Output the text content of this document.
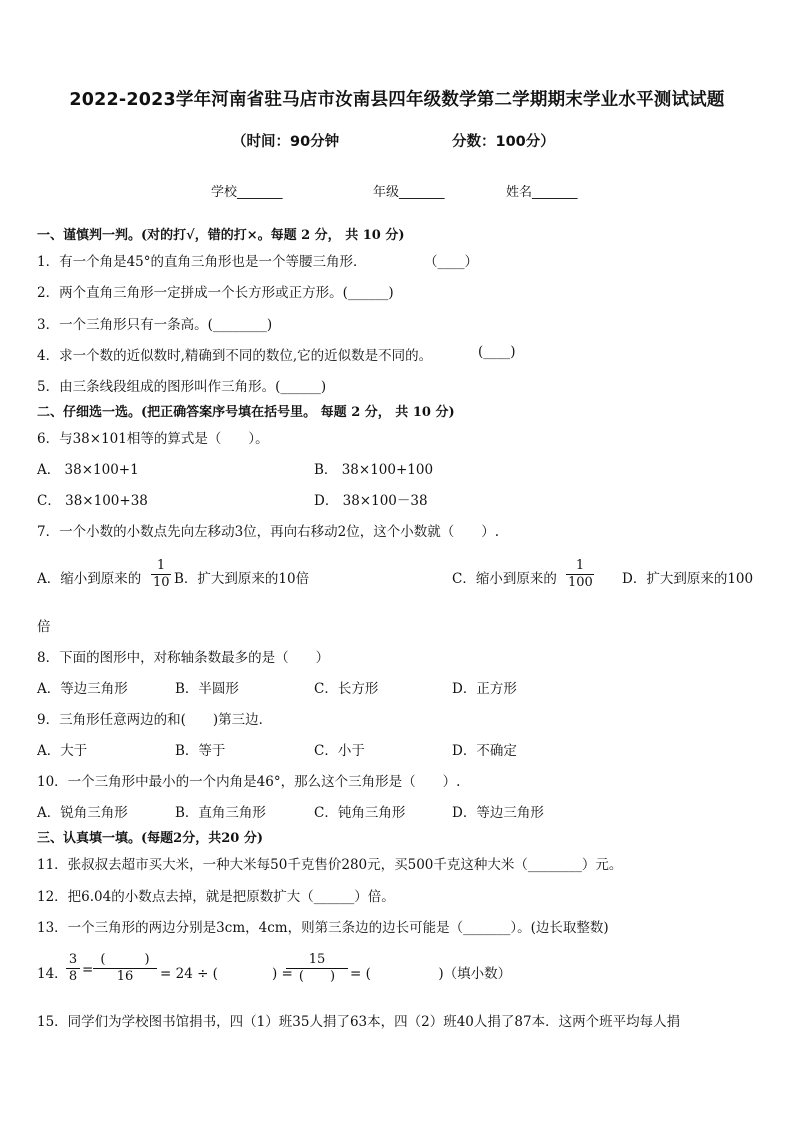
2022-2023学年河南省驻马店市汝南县四年级数学第二学期期末学业水平测试试题
（时间：90分钟	分数：100分）
学校_______	年级_______	姓名_______
一、谨慎判一判。(对的打√，错的打×。每题 2 分， 共 10 分)
1．有一个角是45°的直角三角形也是一个等腰三角形．	（____）
2．两个直角三角形一定拼成一个长方形或正方形。(______)
3．一个三角形只有一条高。(________)
4．求一个数的近似数时,精确到不同的数位,它的近似数是不同的。	(____)
5．由三条线段组成的图形叫作三角形。(______)
二、仔细选一选。(把正确答案序号填在括号里。 每题 2 分， 共 10 分)
6．与38×101相等的算式是（　　）。
A． 38×100+1	B． 38×100+100
C． 38×100+38	D． 38×100－38
7．一个小数的小数点先向左移动3位，再向右移动2位，这个小数就（　　）.
A．缩小到原来的 $\frac{1}{10}$ B．扩大到原来的10倍	C．缩小到原来的 $\frac{1}{100}$ D．扩大到原来的100
倍
8．下面的图形中，对称轴条数最多的是（　　）
A．等边三角形	B．半圆形	C．长方形	D．正方形
9．三角形任意两边的和(　　)第三边．
A．大于	B．等于	C．小于	D．不确定
10．一个三角形中最小的一个内角是46°，那么这个三角形是（　　）.
A．锐角三角形	B．直角三角形	C．钝角三角形	D．等边三角形
三、认真填一填。(每题2分，共20 分)
11．张叔叔去超市买大米，一种大米每50千克售价280元，买500千克这种大米（________）元。
12．把6.04的小数点去掉，就是把原数扩大（______）倍。
13．一个三角形的两边分别是3cm，4cm，则第三条边的边长可能是（_______）。(边长取整数)
14．
$\frac{3}{8}$ =
(　　　)
16	= 24 ÷ (　　　　) =
15
(　　)	= (　　　　　)（填小数）
15．同学们为学校图书馆捐书，四（1）班35人捐了63本，四（2）班40人捐了87本．这两个班平均每人捐
